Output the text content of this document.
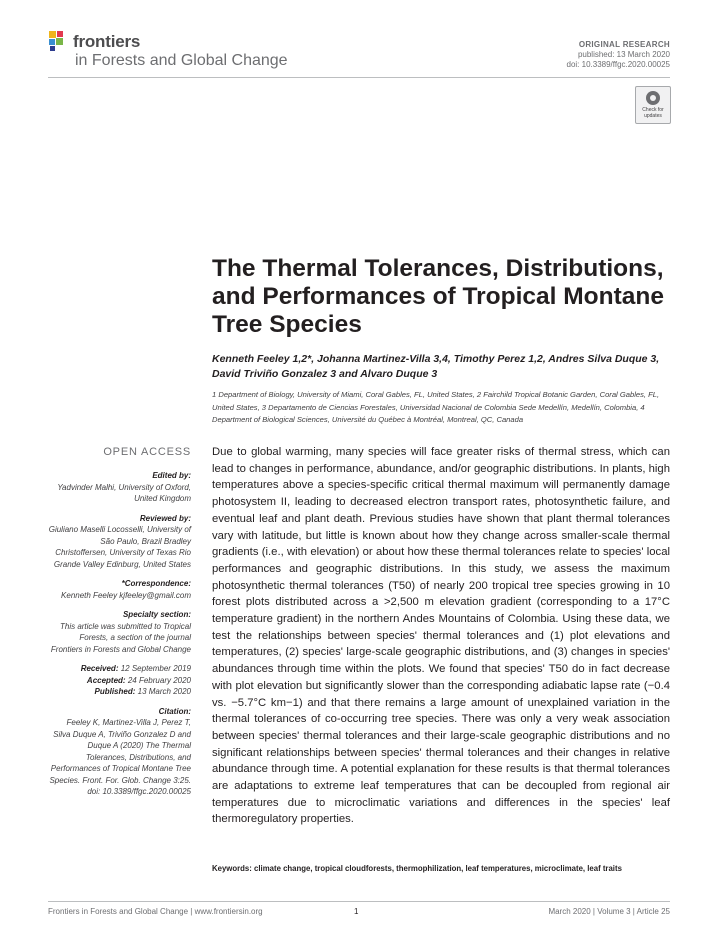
frontiers
in Forests and Global Change
ORIGINAL RESEARCH
published: 13 March 2020
doi: 10.3389/ffgc.2020.00025
Check for updates
The Thermal Tolerances, Distributions, and Performances of Tropical Montane Tree Species
Kenneth Feeley 1,2*, Johanna Martinez-Villa 3,4, Timothy Perez 1,2, Andres Silva Duque 3, David Triviño Gonzalez 3 and Alvaro Duque 3
1 Department of Biology, University of Miami, Coral Gables, FL, United States, 2 Fairchild Tropical Botanic Garden, Coral Gables, FL, United States, 3 Departamento de Ciencias Forestales, Universidad Nacional de Colombia Sede Medellín, Medellín, Colombia, 4 Department of Biological Sciences, Université du Québec à Montréal, Montreal, QC, Canada
OPEN ACCESS
Edited by:
Yadvinder Malhi, University of Oxford, United Kingdom
Reviewed by:
Giuliano Maselli Locosselli, University of São Paulo, Brazil Bradley Christoffersen, University of Texas Rio Grande Valley Edinburg, United States
*Correspondence:
Kenneth Feeley kjfeeley@gmail.com
Specialty section:
This article was submitted to Tropical Forests, a section of the journal Frontiers in Forests and Global Change
Received: 12 September 2019
Accepted: 24 February 2020
Published: 13 March 2020
Citation:
Feeley K, Martinez-Villa J, Perez T, Silva Duque A, Triviño Gonzalez D and Duque A (2020) The Thermal Tolerances, Distributions, and Performances of Tropical Montane Tree Species. Front. For. Glob. Change 3:25. doi: 10.3389/ffgc.2020.00025

Due to global warming, many species will face greater risks of thermal stress, which can lead to changes in performance, abundance, and/or geographic distributions. In plants, high temperatures above a species-specific critical thermal maximum will permanently damage photosystem II, leading to decreased electron transport rates, photosynthetic failure, and eventual leaf and plant death. Previous studies have shown that plant thermal tolerances vary with latitude, but little is known about how they change across smaller-scale thermal gradients (i.e., with elevation) or about how these thermal tolerances relate to species' local performances and geographic distributions. In this study, we assess the maximum photosynthetic thermal tolerances (T50) of nearly 200 tropical tree species growing in 10 forest plots distributed across a >2,500 m elevation gradient (corresponding to a 17°C temperature gradient) in the northern Andes Mountains of Colombia. Using these data, we test the relationships between species' thermal tolerances and (1) plot elevations and temperatures, (2) species' large-scale geographic distributions, and (3) changes in species' abundances through time within the plots. We found that species' T50 do in fact decrease with plot elevation but significantly slower than the corresponding adiabatic lapse rate (−0.4 vs. −5.7°C km−1) and that there remains a large amount of unexplained variation in the thermal tolerances of co-occurring tree species. There was only a very weak association between species' thermal tolerances and their large-scale geographic distributions and no significant relationships between species' thermal tolerances and their changes in relative abundance through time. A potential explanation for these results is that thermal tolerances are adaptations to extreme leaf temperatures that can be decoupled from regional air temperatures due to microclimatic variations and differences in the species' leaf thermoregulatory properties.

Keywords: climate change, tropical cloudforests, thermophilization, leaf temperatures, microclimate, leaf traits
Frontiers in Forests and Global Change | www.frontiersin.org	1	March 2020 | Volume 3 | Article 25
